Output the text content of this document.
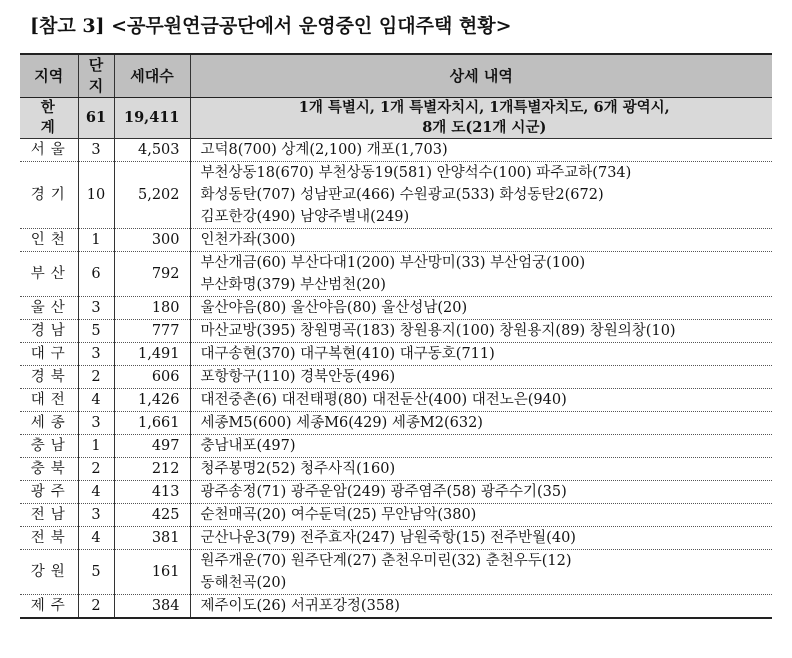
[참고 3] <공무원연금공단에서 운영중인 임대주택 현황>
지역	단지	세대수	상세 내역
한 계	61	19,411	1개 특별시, 1개 특별자치시, 1개특별자치도, 6개 광역시,
8개 도(21개 시군)

서울	3	4,503	고덕8(700) 상계(2,100) 개포(1,703)

경기	10	5,202	부천상동18(670) 부천상동19(581) 안양석수(100) 파주교하(734)
화성동탄(707) 성남판교(466) 수원광교(533) 화성동탄2(672)
김포한강(490) 남양주별내(249)

인천	1	300	인천가좌(300)

부산	6	792	부산개금(60) 부산다대1(200) 부산망미(33) 부산엄궁(100)
부산화명(379) 부산범천(20)

울산	3	180	울산야음(80) 울산야음(80) 울산성남(20)

경남	5	777	마산교방(395) 창원명곡(183) 창원용지(100) 창원용지(89) 창원의창(10)

대구	3	1,491	대구송현(370) 대구복현(410) 대구동호(711)

경북	2	606	포항항구(110) 경북안동(496)

대전	4	1,426	대전중촌(6) 대전태평(80) 대전둔산(400) 대전노은(940)

세종	3	1,661	세종M5(600) 세종M6(429) 세종M2(632)

충남	1	497	충남내포(497)

충북	2	212	청주봉명2(52) 청주사직(160)

광주	4	413	광주송정(71) 광주운암(249) 광주염주(58) 광주수기(35)

전남	3	425	순천매곡(20) 여수둔덕(25) 무안남악(380)

전북	4	381	군산나운3(79) 전주효자(247) 남원죽항(15) 전주반월(40)

강원	5	161	원주개운(70) 원주단계(27) 춘천우미린(32) 춘천우두(12)
동해천곡(20)

제주	2	384	제주이도(26) 서귀포강정(358)
